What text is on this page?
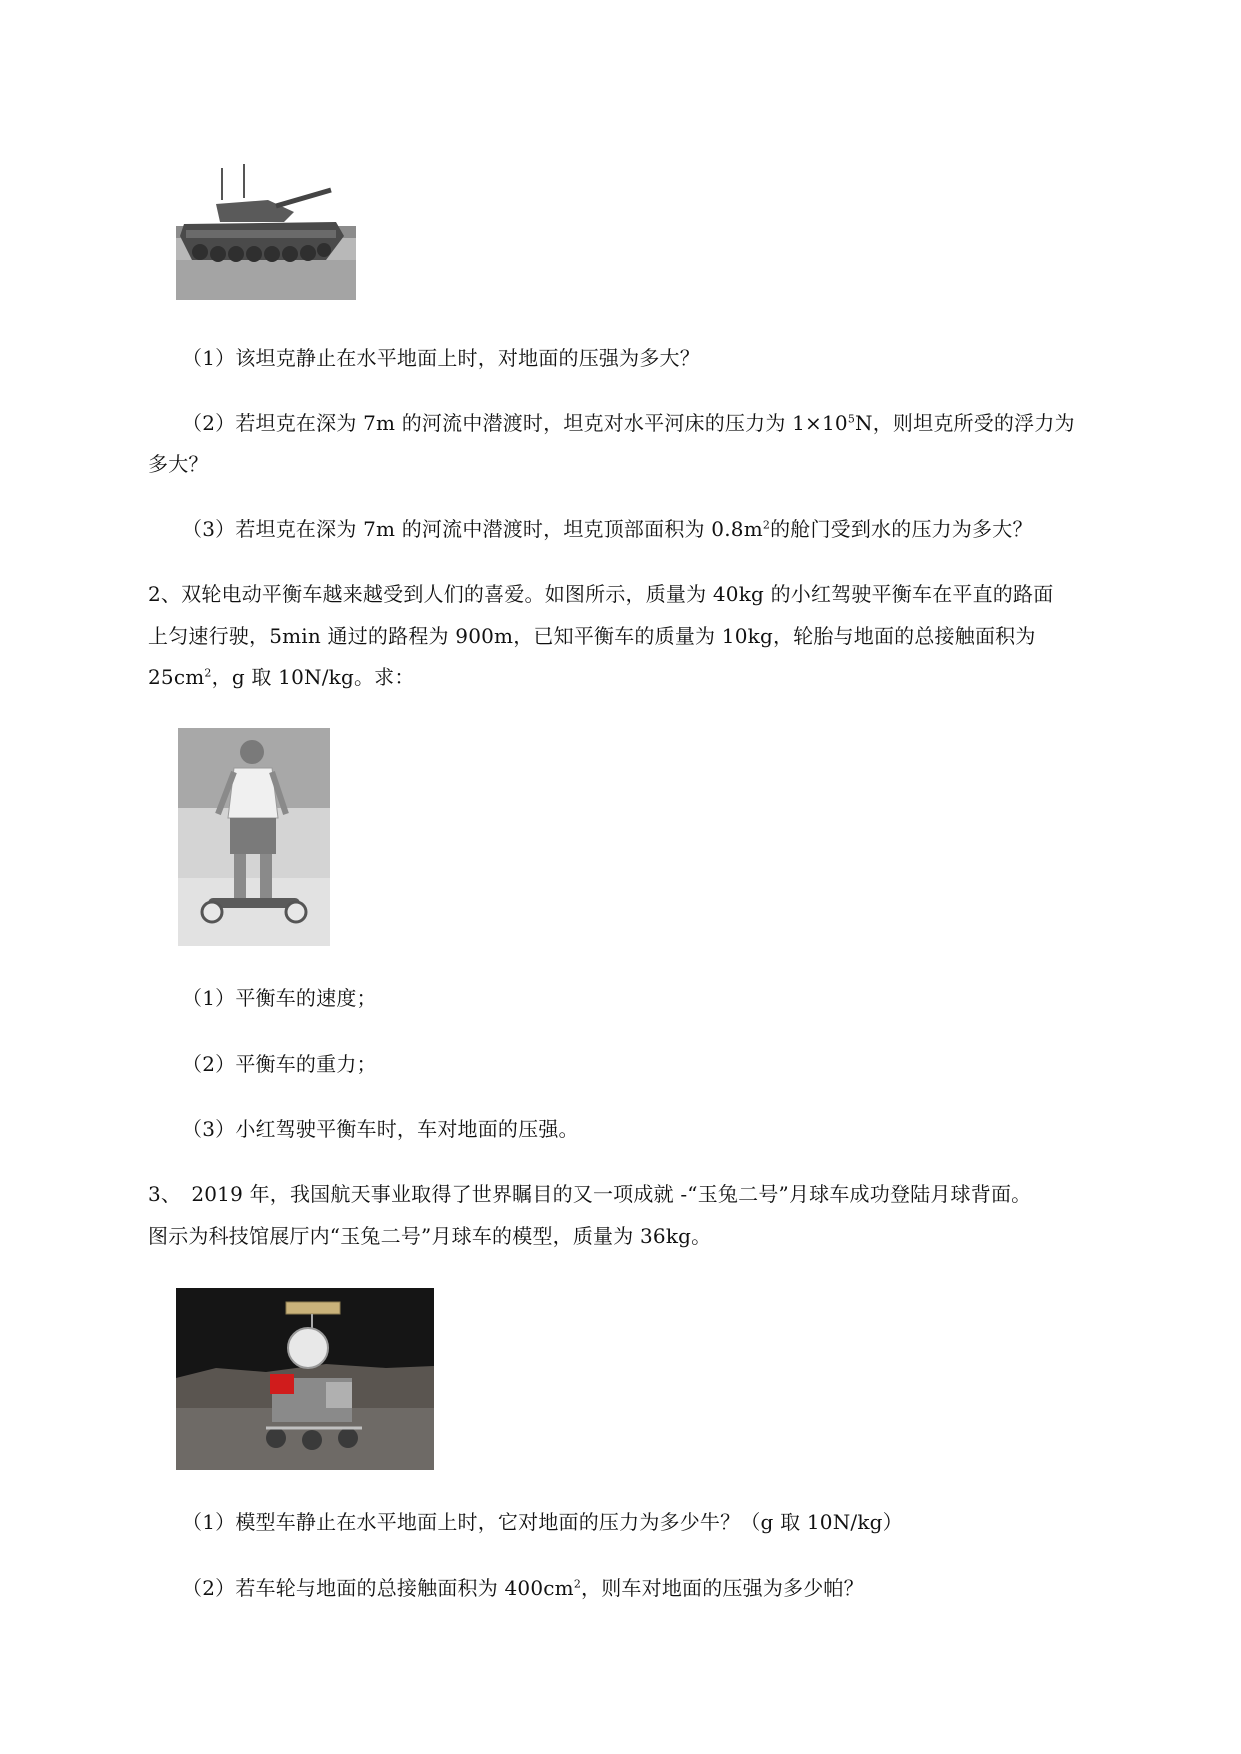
（1）该坦克静止在水平地面上时，对地面的压强为多大？
（2）若坦克在深为 7m 的河流中潜渡时，坦克对水平河床的压力为 $1\times 10^5N$，则坦克所受的浮力为
多大？
（3）若坦克在深为 7m 的河流中潜渡时，坦克顶部面积为 $0.8m^2$的舱门受到水的压力为多大？
2、双轮电动平衡车越来越受到人们的喜爱。如图所示，质量为 40kg 的小红驾驶平衡车在平直的路面
上匀速行驶，5min 通过的路程为 900m，已知平衡车的质量为 10kg，轮胎与地面的总接触面积为
$25cm^2$，g 取 10N/kg。求：
（1）平衡车的速度；
（2）平衡车的重力；
（3）小红驾驶平衡车时，车对地面的压强。
3、　2019 年，我国航天事业取得了世界瞩目的又一项成就 -“玉兔二号”月球车成功登陆月球背面。
图示为科技馆展厅内“玉兔二号”月球车的模型，质量为 36kg。
（1）模型车静止在水平地面上时，它对地面的压力为多少牛？（g 取 10N/kg）
（2）若车轮与地面的总接触面积为 $400cm^2$，则车对地面的压强为多少帕？
